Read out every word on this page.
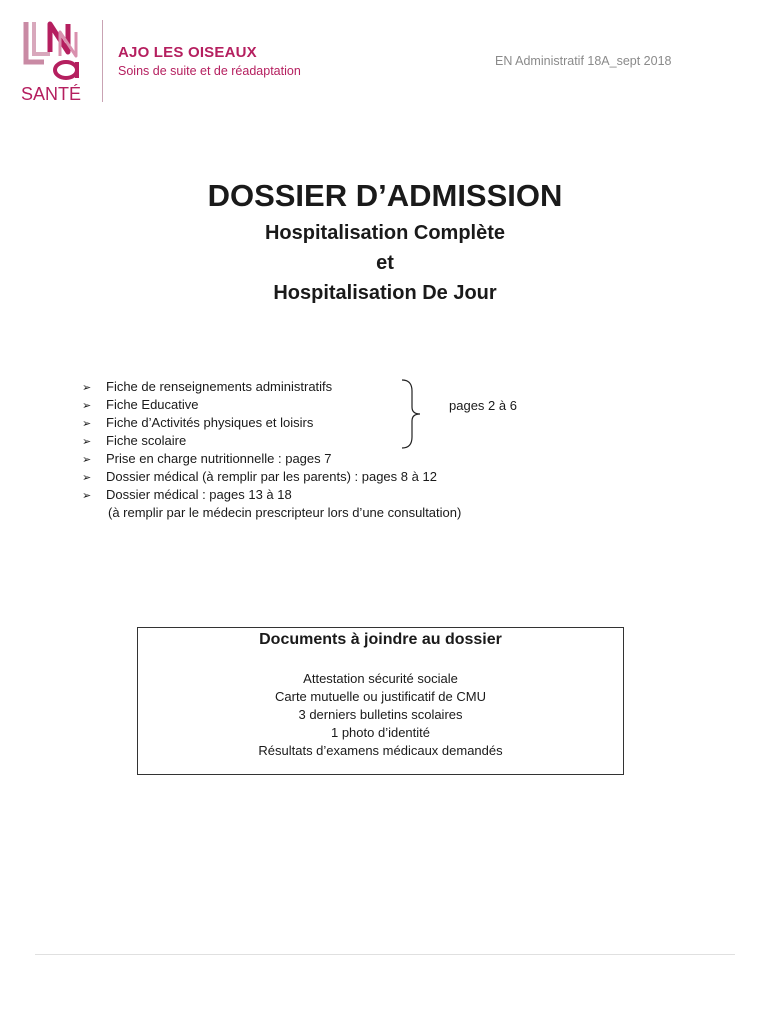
SANTÉ
AJO LES OISEAUX
Soins de suite et de réadaptation
EN Administratif 18A_sept 2018
DOSSIER D’ADMISSION
Hospitalisation Complète
et
Hospitalisation De Jour
➢ Fiche de renseignements administratifs
➢ Fiche Educative
➢ Fiche d’Activités physiques et loisirs
➢ Fiche scolaire
➢ Prise en charge nutritionnelle : pages 7
➢ Dossier médical (à remplir par les parents) : pages 8 à 12
➢ Dossier médical : pages 13 à 18
(à remplir par le médecin prescripteur lors d’une consultation)
pages 2 à 6
Documents à joindre au dossier
Attestation sécurité sociale
Carte mutuelle ou justificatif de CMU
3 derniers bulletins scolaires
1 photo d’identité
Résultats d’examens médicaux demandés
